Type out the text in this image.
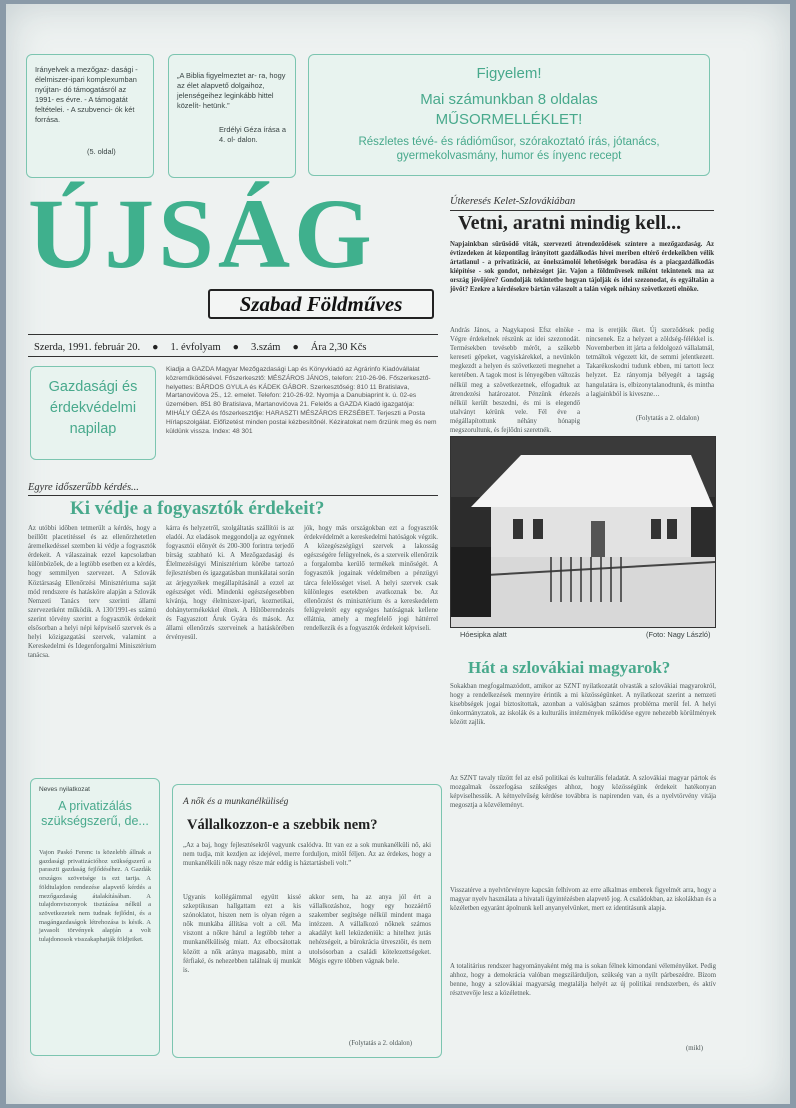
Irányelvek a mezőgaz- dasági - élelmiszer-ipari komplexumban nyújtan- dó támogatásról az 1991- es évre. - A támogatát feltételei. - A szubvenci- ók két forrása.
(5. oldal)
„A Biblia figyelmeztet ar- ra, hogy az élet alapvető dolgaihoz, jelenségeihez leginkább hittel közelít- hetünk.”
Erdélyi Géza írása a 4. ol- dalon.
Figyelem!
Mai számunkban 8 oldalas
MŰSORMELLÉKLET!
Részletes tévé- és rádióműsor, szórakoztató írás, jótanács, gyermekolvasmány, humor és ínyenc recept
ÚJSÁG
Szabad Földműves
Szerda, 1991. február 20. ● 1. évfolyam ● 3.szám ● Ára 2,30 Kčs
Gazdasági és érdekvédelmi napilap
Kiadja a GAZDA Magyar Mezőgazdasági Lap és Könyvkiadó az Agrárinfo Kiadóvállalat közreműködésével. Főszerkesztő: MÉSZÁROS JÁNOS, telefon: 210-26-96. Főszerkesztő-helyettes: BÁRDOS GYULA és KÁDEK GÁBOR. Szerkesztőség: 810 11 Bratislava, Martanovičova 25., 12. emelet. Telefon: 210-26-92. Nyomja a Danubiaprint k. ú. 02-es üzemében. 851 80 Bratislava, Martanovičova 21. Felelős a GAZDA Kiadó igazgatója: MIHÁLY GÉZA és főszerkesztője: HARASZTI MÉSZÁROS ERZSÉBET. Terjeszti a Posta Hírlapszolgálat. Előfizetést minden postai kézbesítőnél. Kéziratokat nem őrzünk meg és nem küldünk vissza. Index: 48 301
Útkeresés Kelet-Szlovákiában
Vetni, aratni mindig kell...
Napjainkban sűrűsödő viták, szervezeti átrendeződések színtere a mezőgazdaság. Az évtizedeken át központilag irányított gazdálkodás hívei meriben eltérő érdekeikben vélik ártatlanul - a privatizáció, az önelszámolói lehetőségek boradása és a piacgazdálkodás kiépítése - sok gondot, nehézséget jár. Vajon a földművesek miként tekintenek ma az ország jövőjére? Gondolják tekintetbe hogyan tájolják és idei szezonodat, és egyáltalán a jövőt? Ezekre a kérdésekre bártán válaszolt a talán végek néhány szövetkezeti elnöke.
András János, a Nagykaposi Efsz elnöke - Végre érdekelnek részünk az idei szezonodát. Termésekben tevésebb mérőt, a szűkebb kereseti gépeket, vagyiskárekkel, a nevünkön megkezdt a helyen és szövetkezeti megnehet a keretében. A tagok most is lényegében változás nélkül meg a szövetkezetnek, elfogadtuk az átrendezési határozatot. Pénzünk érkezés nélkül került beszedni, és mi is elegendő utalványt kérünk vele. Fél éve a mégállapítottunk néhány hónapig megszorultunk, és fejlődni szeretnék.
ma is eretjük őket. Új szerződések pedig nincsenek. Ez a helyzet a zöldség-félékkel is. Novemberben itt járta a feldolgozó vállalatnál, tetmáltok végezett kit, de semmi jelentkezett. Takarékoskodni tudunk ebben, mi tartott lecz helyzet. Ez rányomja bélyegét a tagság hangulatára is, elbizonytalanodtunk, és mintha a lagjainkból is kiveszne…
(Folytatás a 2. oldalon)
Hóesipka alatt	(Foto: Nagy László)
Egyre időszerűbb kérdés...
Ki védje a fogyasztók érdekeit?
Az utóbbi időben tetmerült a kérdés, hogy a beillőtt placetitéssel és az ellenőrzhetetlen áremelkedéssel szemben ki védje a fogyasztók érdekeit. A válaszainak ezzel kapcsolatban különbözőek, de a legtöbb esetben ez a kérdés, hogy semmilyen szervezet. A Szlovák Köztársaság Ellenőrzési Minisztériuma saját mód rendszere és hatásköre alapján a Szlovák Nemzeti Tanács terv szerinti állami szervezetként működik. A 130/1991-es számú szerint törvény szerint a fogyasztók érdekeit elsősorban a helyi népi képviselő szervek és a helyi közigazgatási szervek, valamint a Kereskedelmi és Idegenforgalmi Minisztérium tanácsa.
kárra és helyzetről, szolgáltatás szállítói is az eladói. Az eladások meggondolja az egyénnek fogyasztói előnyét és 200-300 forintra terjedő bírság szabható ki. A Mezőgazdasági és Élelmezésügyi Minisztérium körébe tartozó fejlesztésben és igazgatásban munkálatai során az árjegyzékek megállapításánál a ezzel az egészséget védi. Mindenki egészségesebben kívánja, hogy élelmiszer-ipari, kozmetikai, dohánytermékekkel élnek. A Hűtőberendezés és Fagyasztott Áruk Gyára és mások. Az állami ellenőrzés szerveinek a hatáskörében érvényesül.
jók, hogy más országokban ezt a fogyasztók érdekvédelmét a kereskedelmi hatóságok végzik. A közegészségügyi szervek a lakosság egészségére felügyelnek, és a szerveik ellenőrzik a forgalomba kerülő termékek minőségét. A fogyasztók jogainak védelmében a pénzügyi tárca felelősséget visel. A helyi szervek csak különleges esetekben avatkoznak be. Az ellenőrzést és minisztérium és a kereskedelem felügyeletét egy egységes hatóságnak kellene ellátnia, amely a megfelelő jogi háttérrel rendelkezik és a fogyasztók érdekeit képviseli.
Neves nyilatkozat
A privatizálás szükségszerű, de...
Vajon Paskó Ferenc is közelebb állnak a gazdasági privatizációhoz szükségszerű a paraszti gazdaság fejlődéséhez. A Gazdák országos szövetsége is ezt tartja. A földtulajdon rendezése alapvető kérdés a mezőgazdaság átalakításában. A tulajdonviszonyok tisztázása nélkül a szövetkezetek nem tudnak fejlődni, és a magángazdaságok létrehozása is késik. A javasolt törvények alapján a volt tulajdonosok visszakaphatják földjeiket.
A nők és a munkanélküliség
Vállalkozzon-e a szebbik nem?
„Az a baj, hogy fejlesztésekről vagyunk csalódva. Itt van ez a sok munkanélküli nő, aki nem tudja, mit kezdjen az idejével, merre forduljon, mitől féljen. Az az érdekes, hogy a munkanélküli nők nagy része már eddig is háztartásbeli volt.”
Ugyanis kollégáimmal együtt kissé szkeptikusan hallgattam ezt a kis szónoklatot, hiszen nem is olyan régen a nők munkába állítása volt a cél. Ma viszont a nőkre hárul a legtöbb teher a munkanélküliség miatt. Az elbocsátottak között a nők aránya magasabb, mint a férfiaké, és nehezebben találnak új munkát is.
akkor sem, ha az anya jól ért a vállalkozáshoz, hogy egy hozzáértő szakember segítsége nélkül mindent maga intézzen. A vállalkozó nőknek számos akadályt kell leküzdeniük: a hitelhez jutás nehézségeit, a bürokrácia útvesztőit, és nem utolsósorban a családi kötelezettségeket. Mégis egyre többen vágnak bele.
(Folytatás a 2. oldalon)
Hát a szlovákiai magyarok?
Sokakban megfogalmazódott, amikor az SZNT nyilatkozatát olvasták a szlovákiai magyarokról, hogy a rendelkezések mennyire érintik a mi közösségünket. A nyilatkozat szerint a nemzeti kisebbségek jogai biztosítottak, azonban a valóságban számos probléma merül fel. A helyi önkormányzatok, az iskolák és a kulturális intézmények működése egyre nehezebb körülmények között zajlik.
Az SZNT tavaly tűzött fel az első politikai és kulturális feladatát. A szlovákiai magyar pártok és mozgalmak összefogása szükséges ahhoz, hogy közösségünk érdekeit hatékonyan képviselhessük. A kétnyelvűség kérdése továbbra is napirenden van, és a nyelvtörvény vitája megosztja a közvéleményt.
Visszatérve a nyelvtörvényre kapcsán felhívom az erre alkalmas emberek figyelmét arra, hogy a magyar nyelv használata a hivatali ügyintézésben alapvető jog. A családokban, az iskolákban és a közéletben egyaránt ápolnunk kell anyanyelvünket, mert ez identitásunk alapja.
A totalitárius rendszer hagyományaként még ma is sokan félnek kimondani véleményüket. Pedig ahhoz, hogy a demokrácia valóban megszilárduljon, szükség van a nyílt párbeszédre. Bízom benne, hogy a szlovákiai magyarság megtalálja helyét az új politikai rendszerben, és aktív résztvevője lesz a közéletnek.
(mikl)
